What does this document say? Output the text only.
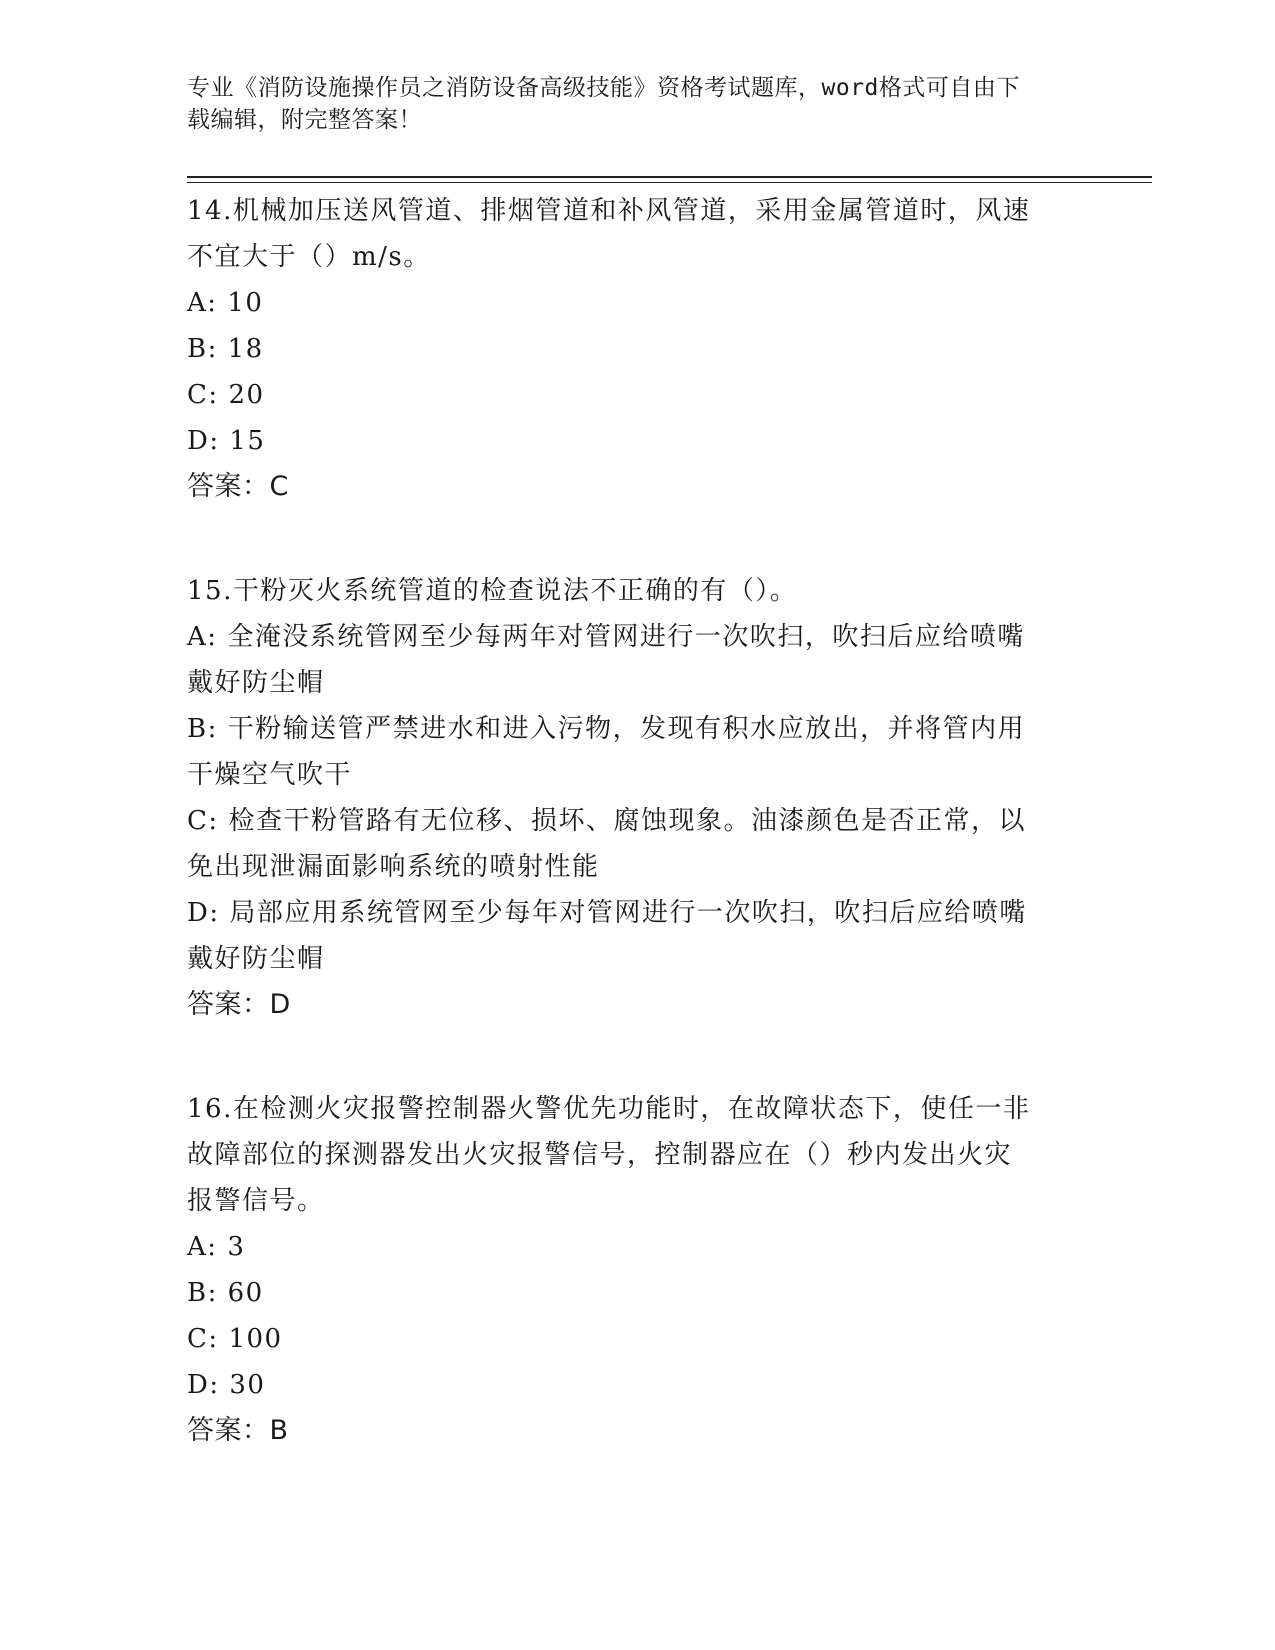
专业《消防设施操作员之消防设备高级技能》资格考试题库，word格式可自由下
载编辑，附完整答案！
14.机械加压送风管道、排烟管道和补风管道，采用金属管道时，风速
不宜大于（）m/s。
A: 10
B: 18
C: 20
D: 15
答案：C
15.干粉灭火系统管道的检查说法不正确的有（）。
A: 全淹没系统管网至少每两年对管网进行一次吹扫，吹扫后应给喷嘴
戴好防尘帽
B: 干粉输送管严禁进水和进入污物，发现有积水应放出，并将管内用
干燥空气吹干
C: 检查干粉管路有无位移、损坏、腐蚀现象。油漆颜色是否正常，以
免出现泄漏面影响系统的喷射性能
D: 局部应用系统管网至少每年对管网进行一次吹扫，吹扫后应给喷嘴
戴好防尘帽
答案：D
16.在检测火灾报警控制器火警优先功能时，在故障状态下，使任一非
故障部位的探测器发出火灾报警信号，控制器应在（）秒内发出火灾
报警信号。
A: 3
B: 60
C: 100
D: 30
答案：B
